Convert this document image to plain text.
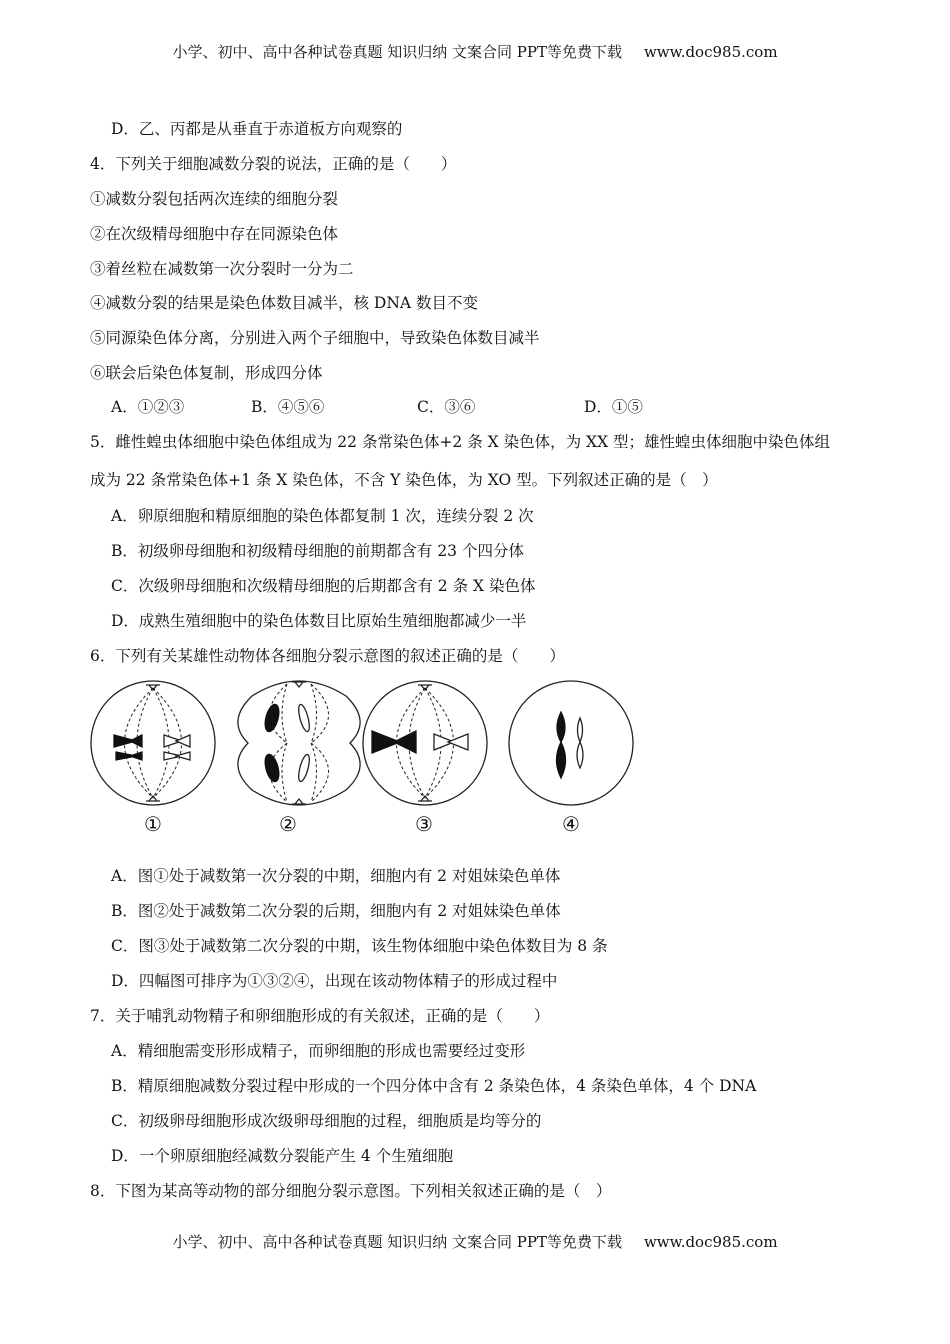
小学、初中、高中各种试卷真题 知识归纳 文案合同 PPT等免费下载 www.doc985.com
D．乙、丙都是从垂直于赤道板方向观察的
4．下列关于细胞减数分裂的说法，正确的是（　　）
①减数分裂包括两次连续的细胞分裂
②在次级精母细胞中存在同源染色体
③着丝粒在减数第一次分裂时一分为二
④减数分裂的结果是染色体数目减半，核 DNA 数目不变
⑤同源染色体分离，分别进入两个子细胞中，导致染色体数目减半
⑥联会后染色体复制，形成四分体
A．①②③	B．④⑤⑥	C．③⑥	D．①⑤
5．雌性蝗虫体细胞中染色体组成为 22 条常染色体+2 条 X 染色体，为 XX 型；雄性蝗虫体细胞中染色体组
成为 22 条常染色体+1 条 X 染色体，不含 Y 染色体，为 XO 型。下列叙述正确的是（　）
A．卵原细胞和精原细胞的染色体都复制 1 次，连续分裂 2 次
B．初级卵母细胞和初级精母细胞的前期都含有 23 个四分体
C．次级卵母细胞和次级精母细胞的后期都含有 2 条 X 染色体
D．成熟生殖细胞中的染色体数目比原始生殖细胞都减少一半
6．下列有关某雄性动物体各细胞分裂示意图的叙述正确的是（　　）
①	②	③	④
A．图①处于减数第一次分裂的中期，细胞内有 2 对姐妹染色单体
B．图②处于减数第二次分裂的后期，细胞内有 2 对姐妹染色单体
C．图③处于减数第二次分裂的中期，该生物体细胞中染色体数目为 8 条
D．四幅图可排序为①③②④，出现在该动物体精子的形成过程中
7．关于哺乳动物精子和卵细胞形成的有关叙述，正确的是（　　）
A．精细胞需变形形成精子，而卵细胞的形成也需要经过变形
B．精原细胞减数分裂过程中形成的一个四分体中含有 2 条染色体，4 条染色单体，4 个 DNA
C．初级卵母细胞形成次级卵母细胞的过程，细胞质是均等分的
D．一个卵原细胞经减数分裂能产生 4 个生殖细胞
8．下图为某高等动物的部分细胞分裂示意图。下列相关叙述正确的是（　）
小学、初中、高中各种试卷真题 知识归纳 文案合同 PPT等免费下载 www.doc985.com
